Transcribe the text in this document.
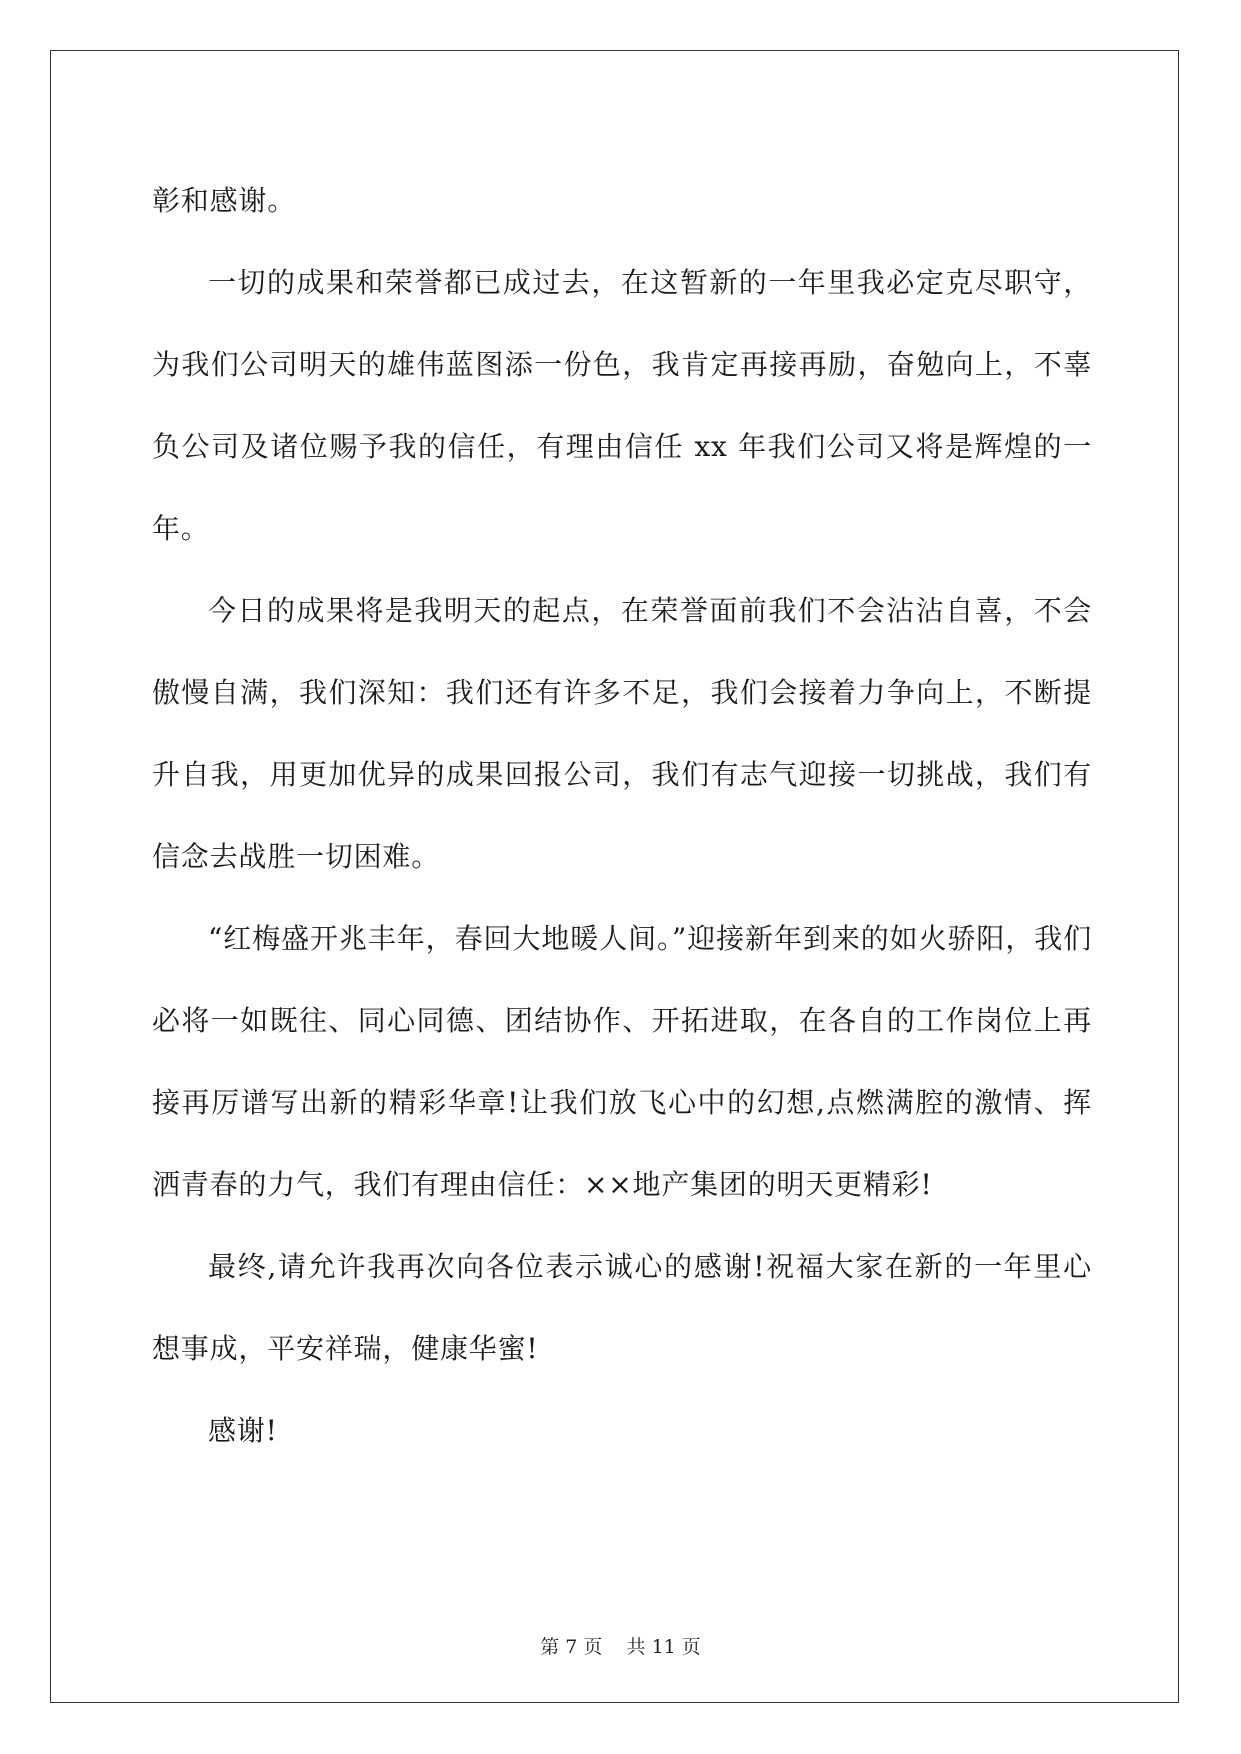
彰和感谢。

一切的成果和荣誉都已成过去，在这暂新的一年里我必定克尽职守，为我们公司明天的雄伟蓝图添一份色，我肯定再接再励，奋勉向上，不辜负公司及诸位赐予我的信任，有理由信任 xx 年我们公司又将是辉煌的一年。

今日的成果将是我明天的起点，在荣誉面前我们不会沾沾自喜，不会傲慢自满，我们深知：我们还有许多不足，我们会接着力争向上，不断提升自我，用更加优异的成果回报公司，我们有志气迎接一切挑战，我们有信念去战胜一切困难。

“红梅盛开兆丰年，春回大地暖人间。”迎接新年到来的如火骄阳，我们必将一如既往、同心同德、团结协作、开拓进取，在各自的工作岗位上再接再厉谱写出新的精彩华章!让我们放飞心中的幻想,点燃满腔的激情、挥洒青春的力气，我们有理由信任：××地产集团的明天更精彩!

最终,请允许我再次向各位表示诚心的感谢!祝福大家在新的一年里心想事成，平安祥瑞，健康华蜜!

感谢!

第 7 页 共 11 页
